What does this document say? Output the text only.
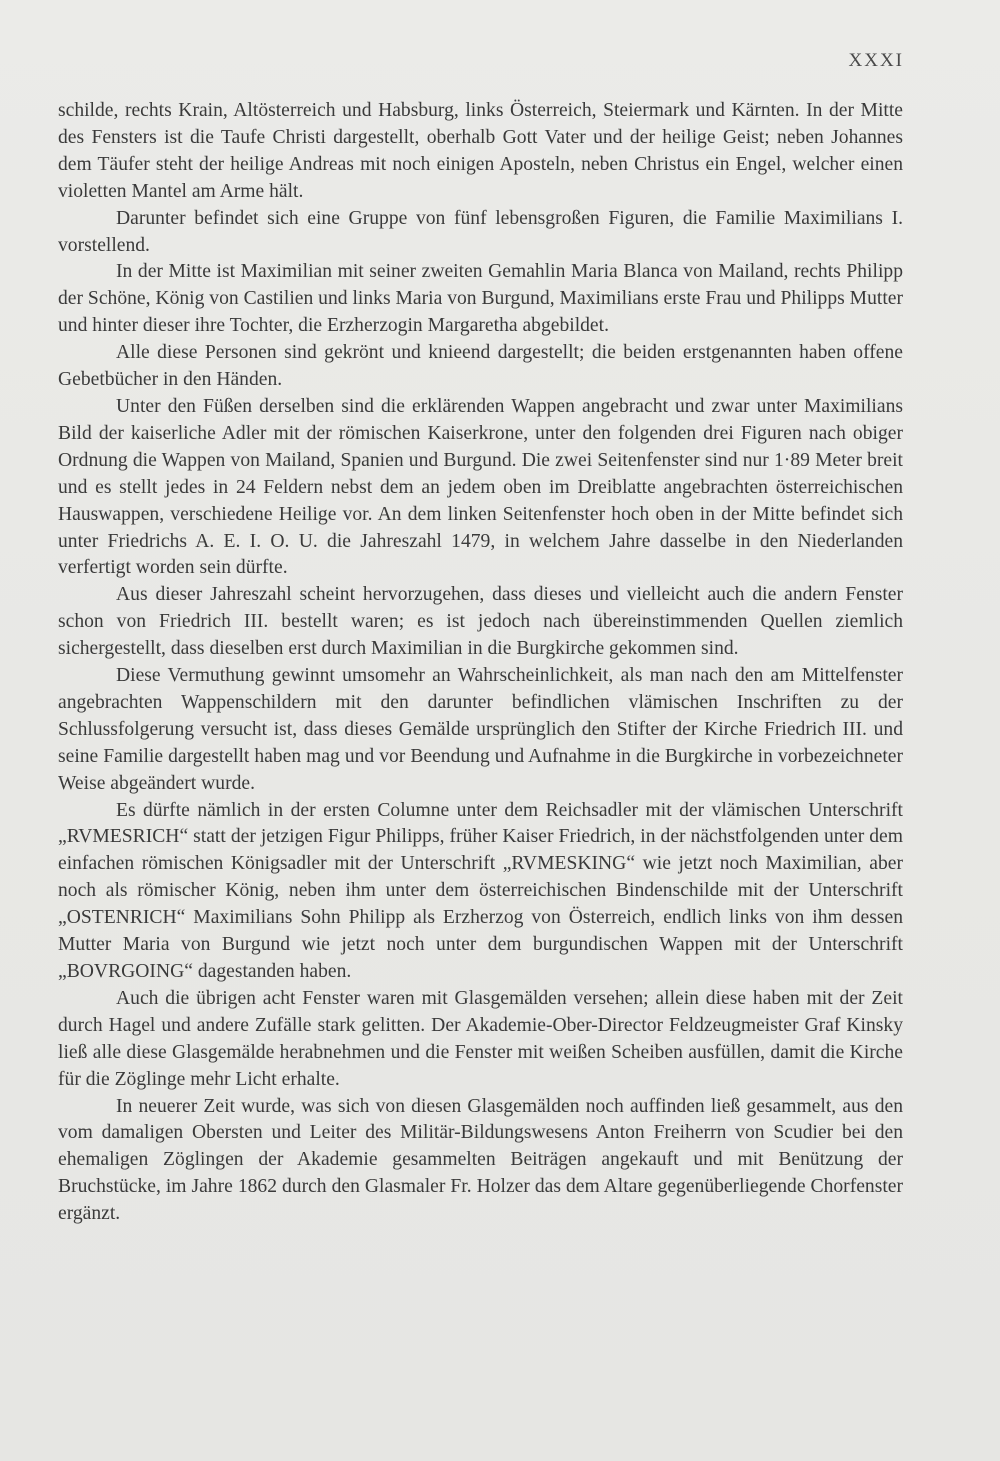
XXXI

schilde, rechts Krain, Altösterreich und Habsburg, links Österreich, Steiermark und Kärnten. In der Mitte des Fensters ist die Taufe Christi dargestellt, oberhalb Gott Vater und der heilige Geist; neben Johannes dem Täufer steht der heilige Andreas mit noch einigen Aposteln, neben Christus ein Engel, welcher einen violetten Mantel am Arme hält.

Darunter befindet sich eine Gruppe von fünf lebensgroßen Figuren, die Familie Maximilians I. vorstellend.

In der Mitte ist Maximilian mit seiner zweiten Gemahlin Maria Blanca von Mailand, rechts Philipp der Schöne, König von Castilien und links Maria von Burgund, Maximilians erste Frau und Philipps Mutter und hinter dieser ihre Tochter, die Erzherzogin Margaretha abgebildet.

Alle diese Personen sind gekrönt und knieend dargestellt; die beiden erstgenannten haben offene Gebetbücher in den Händen.

Unter den Füßen derselben sind die erklärenden Wappen angebracht und zwar unter Maximilians Bild der kaiserliche Adler mit der römischen Kaiserkrone, unter den folgenden drei Figuren nach obiger Ordnung die Wappen von Mailand, Spanien und Burgund. Die zwei Seitenfenster sind nur 1·89 Meter breit und es stellt jedes in 24 Feldern nebst dem an jedem oben im Dreiblatte angebrachten österreichischen Hauswappen, verschiedene Heilige vor. An dem linken Seitenfenster hoch oben in der Mitte befindet sich unter Friedrichs A. E. I. O. U. die Jahreszahl 1479, in welchem Jahre dasselbe in den Niederlanden verfertigt worden sein dürfte.

Aus dieser Jahreszahl scheint hervorzugehen, dass dieses und vielleicht auch die andern Fenster schon von Friedrich III. bestellt waren; es ist jedoch nach übereinstimmenden Quellen ziemlich sichergestellt, dass dieselben erst durch Maximilian in die Burgkirche gekommen sind.

Diese Vermuthung gewinnt umsomehr an Wahrscheinlichkeit, als man nach den am Mittelfenster angebrachten Wappenschildern mit den darunter befindlichen vlämischen Inschriften zu der Schlussfolgerung versucht ist, dass dieses Gemälde ursprünglich den Stifter der Kirche Friedrich III. und seine Familie dargestellt haben mag und vor Beendung und Aufnahme in die Burgkirche in vorbezeichneter Weise abgeändert wurde.

Es dürfte nämlich in der ersten Columne unter dem Reichsadler mit der vlämischen Unterschrift „RVMESRICH“ statt der jetzigen Figur Philipps, früher Kaiser Friedrich, in der nächstfolgenden unter dem einfachen römischen Königsadler mit der Unterschrift „RVMESKING“ wie jetzt noch Maximilian, aber noch als römischer König, neben ihm unter dem österreichischen Bindenschilde mit der Unterschrift „OSTENRICH“ Maximilians Sohn Philipp als Erzherzog von Österreich, endlich links von ihm dessen Mutter Maria von Burgund wie jetzt noch unter dem burgundischen Wappen mit der Unterschrift „BOVRGOING“ dagestanden haben.

Auch die übrigen acht Fenster waren mit Glasgemälden versehen; allein diese haben mit der Zeit durch Hagel und andere Zufälle stark gelitten. Der Akademie-Ober-Director Feldzeugmeister Graf Kinsky ließ alle diese Glasgemälde herabnehmen und die Fenster mit weißen Scheiben ausfüllen, damit die Kirche für die Zöglinge mehr Licht erhalte.

In neuerer Zeit wurde, was sich von diesen Glasgemälden noch auffinden ließ gesammelt, aus den vom damaligen Obersten und Leiter des Militär-Bildungswesens Anton Freiherrn von Scudier bei den ehemaligen Zöglingen der Akademie gesammelten Beiträgen angekauft und mit Benützung der Bruchstücke, im Jahre 1862 durch den Glasmaler Fr. Holzer das dem Altare gegenüberliegende Chorfenster ergänzt.
